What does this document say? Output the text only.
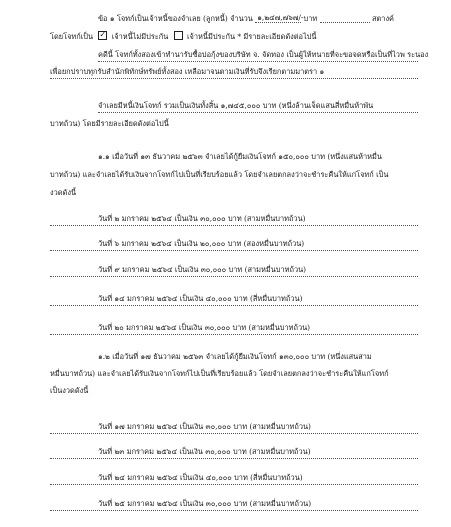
ข้อ ๑ โจทก์เป็นเจ้าหนี้ของจำเลย (ลูกหนี้) จำนวน ๑,๒๔๗,๗๖๗/- บาท	สตางค์
โดยโจทก์เป็น ✓	เจ้าหนี้ไม่มีประกัน	เจ้าหนี้มีประกัน * มีรายละเอียดดังต่อไปนี้
คดีนี้ โจทก์ทั้งสองเข้าทำนารับซื้อบ่อกุ้งของบริษัท จ. จัดทอง เป็นผู้ให้ทนายที่จะขอจดหรือเป็นที่ไวพ ระนอง
เพื่อยกปราบทุกรับสำนักพิทักษ์ทรัพย์ทั้งสอง เหลือมาจนตามเงินที่รับจึงเรียกตามมาตรา ๑
จำเลยมีหนี้เงินโจทก์ รวมเป็นเงินทั้งสิ้น ๑,๗๔๕,๐๐๐ บาท (หนึ่งล้านเจ็ดแสนสี่หมื่นห้าพัน
บาทถ้วน) โดยมีรายละเอียดดังต่อไปนี้
๑.๑ เมื่อวันที่ ๑๓ ธันวาคม ๒๕๖๓ จำเลยได้กู้ยืมเงินโจทก์ ๑๕๐,๐๐๐ บาท (หนึ่งแสนห้าหมื่น
บาทถ้วน) และจำเลยได้รับเงินจากโจทก์ไปเป็นที่เรียบร้อยแล้ว โดยจำเลยตกลงว่าจะชำระคืนให้แก่โจทก์ เป็น
งวดดังนี้
วันที่ ๒ มกราคม ๒๕๖๔ เป็นเงิน ๓๐,๐๐๐ บาท (สามหมื่นบาทถ้วน)
วันที่ ๖ มกราคม ๒๕๖๔ เป็นเงิน ๒๐,๐๐๐ บาท (สองหมื่นบาทถ้วน)
วันที่ ๙ มกราคม ๒๕๖๔ เป็นเงิน ๓๐,๐๐๐ บาท (สามหมื่นบาทถ้วน)
วันที่ ๑๔ มกราคม ๒๕๖๔ เป็นเงิน ๔๐,๐๐๐ บาท (สี่หมื่นบาทถ้วน)
วันที่ ๒๐ มกราคม ๒๕๖๔ เป็นเงิน ๓๐,๐๐๐ บาท (สามหมื่นบาทถ้วน)
๑.๒ เมื่อวันที่ ๑๗ ธันวาคม ๒๕๖๓ จำเลยได้กู้ยืมเงินโจทก์ ๑๓๐,๐๐๐ บาท (หนึ่งแสนสาม
หมื่นบาทถ้วน) และจำเลยได้รับเงินจากโจทก์ไปเป็นที่เรียบร้อยแล้ว โดยจำเลยตกลงว่าจะชำระคืนให้แก่โจทก์
เป็นงวดดังนี้
วันที่ ๑๗ มกราคม ๒๕๖๔ เป็นเงิน ๓๐,๐๐๐ บาท (สามหมื่นบาทถ้วน)
วันที่ ๒๓ มกราคม ๒๕๖๔ เป็นเงิน ๓๐,๐๐๐ บาท (สามหมื่นบาทถ้วน)
วันที่ ๒๔ มกราคม ๒๕๖๔ เป็นเงิน ๔๐,๐๐๐ บาท (สี่หมื่นบาทถ้วน)
วันที่ ๒๕ มกราคม ๒๕๖๔ เป็นเงิน ๓๐,๐๐๐ บาท (สามหมื่นบาทถ้วน)
